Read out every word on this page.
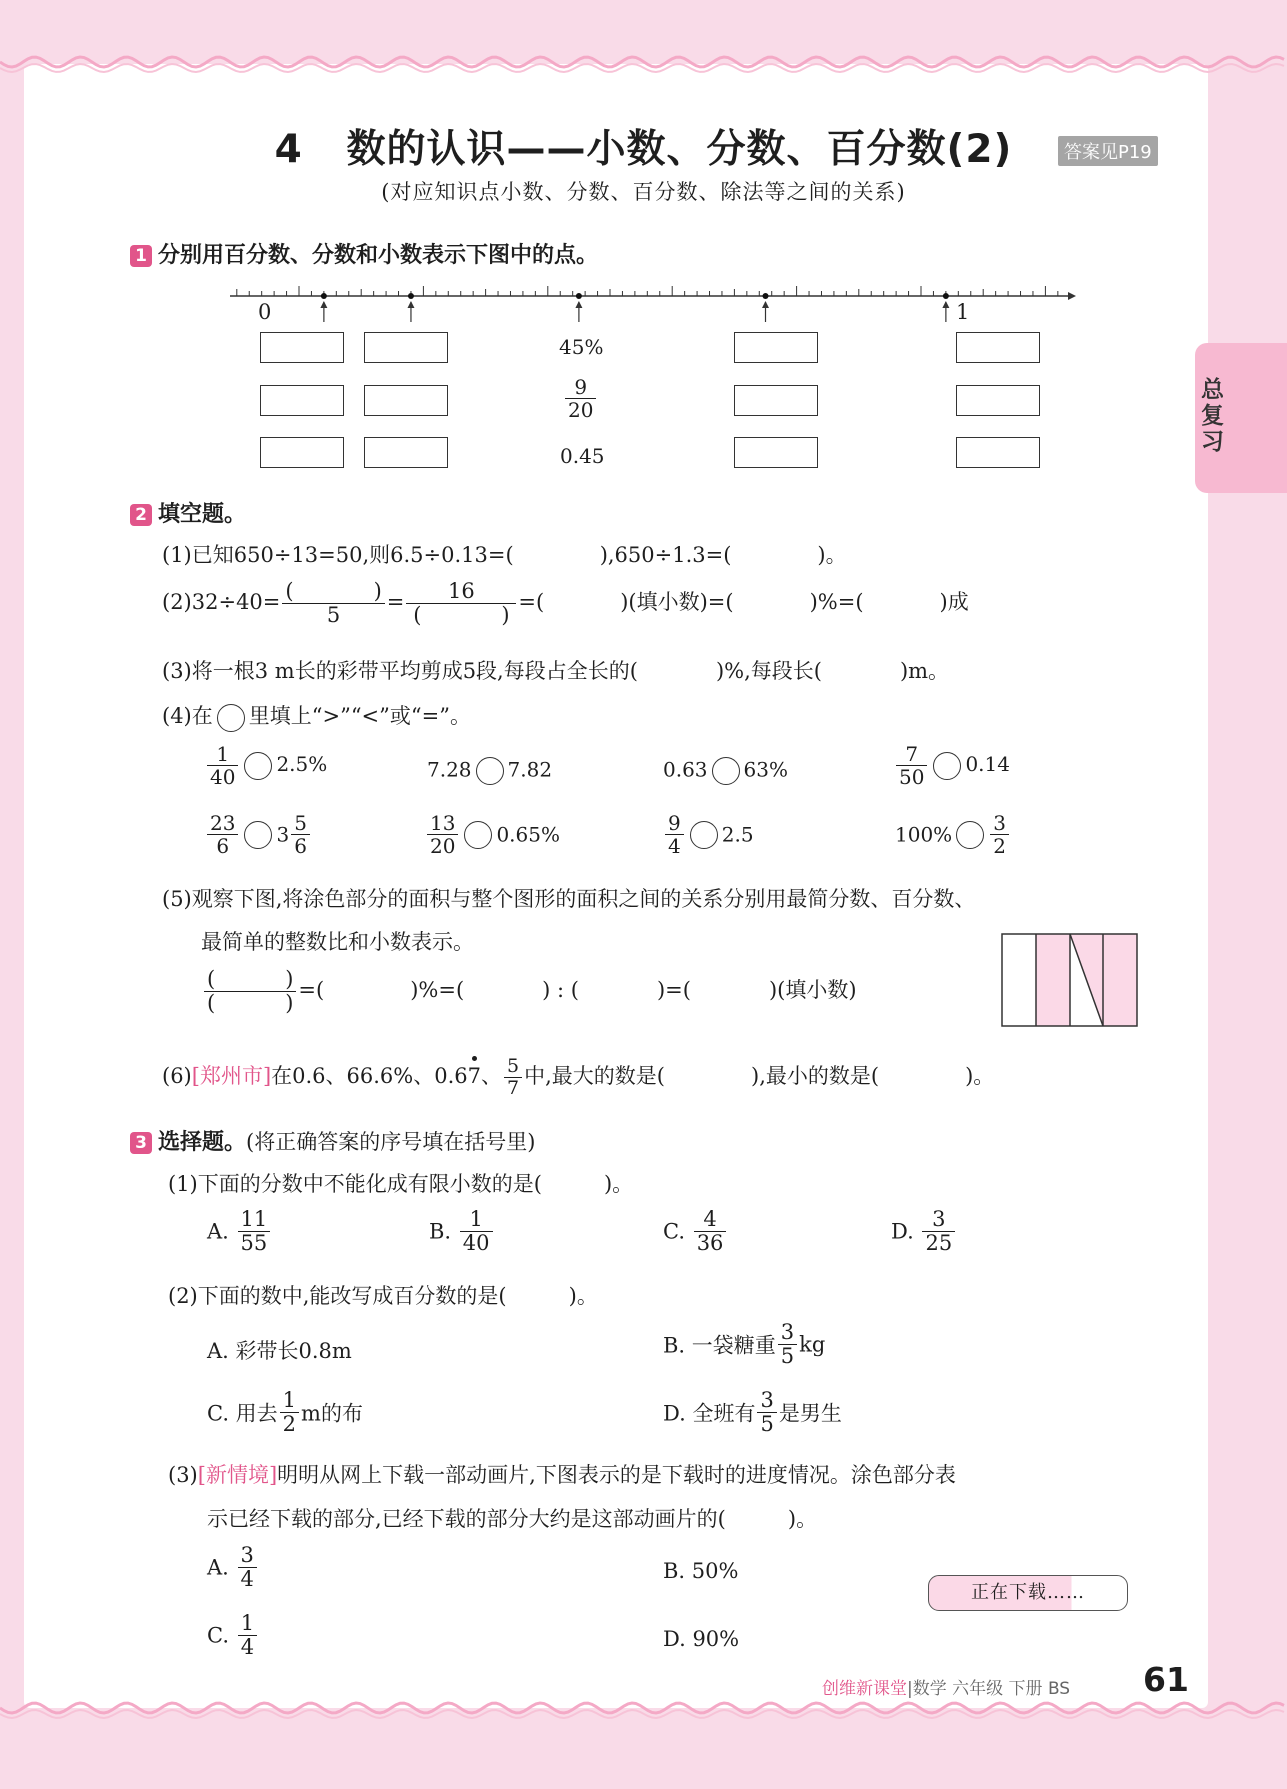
总复习
4 数的认识——小数、分数、百分数(2)	答案见P19
(对应知识点小数、分数、百分数、除法等之间的关系)
1 分别用百分数、分数和小数表示下图中的点。
0	1
45%
$\frac{9}{20}$
0.45
2 填空题。
(1)已知650÷13=50,则6.5÷0.13=(	),650÷1.3=(	)。
(2)32÷40= (	)
5 = 16
(	) =(	)(填小数)=(	)%=(	)成
(3)将一根3 m长的彩带平均剪成5段,每段占全长的(	)%,每段长(	)m。
(4)在 里填上“>”“<”或“=”。
$\frac{1}{40} 2.5\%$	7.28 7.82	0.63 63%	$\frac{7}{50} 0.14$
$\frac{23}{6} 3 \frac{5}{6}$	$\frac{13}{20} 0.65\%$	$\frac{9}{4} 2.5$	$100\% \frac{3}{2}$
(5)观察下图,将涂色部分的面积与整个图形的面积之间的关系分别用最简分数、百分数、
最简单的整数比和小数表示。
(	)
(	) =(	)%=(	) : (	)=(	)(填小数)
(6)[郑州市]在0.6、66.6%、0.67、 $\frac{5}{7}$ 中,最大的数是(	),最小的数是(	)。
3 选择题。(将正确答案的序号填在括号里)
(1)下面的分数中不能化成有限小数的是(	)。
A. $\frac{11}{55}$	B. $\frac{1}{40}$	C. $\frac{4}{36}$	D. $\frac{3}{25}$
(2)下面的数中,能改写成百分数的是(	)。
A. 彩带长0.8m	B. 一袋糖重 $\frac{3}{5}$ kg
C. 用去 $\frac{1}{2}$ m的布	D. 全班有 $\frac{3}{5}$ 是男生
(3)[新情境]明明从网上下载一部动画片,下图表示的是下载时的进度情况。涂色部分表
示已经下载的部分,已经下载的部分大约是这部动画片的(	)。
A. $\frac{3}{4}$	B. 50%
C. $\frac{1}{4}$	D. 90%
正在下载……
创维新课堂|数学 六年级 下册 BS 61
